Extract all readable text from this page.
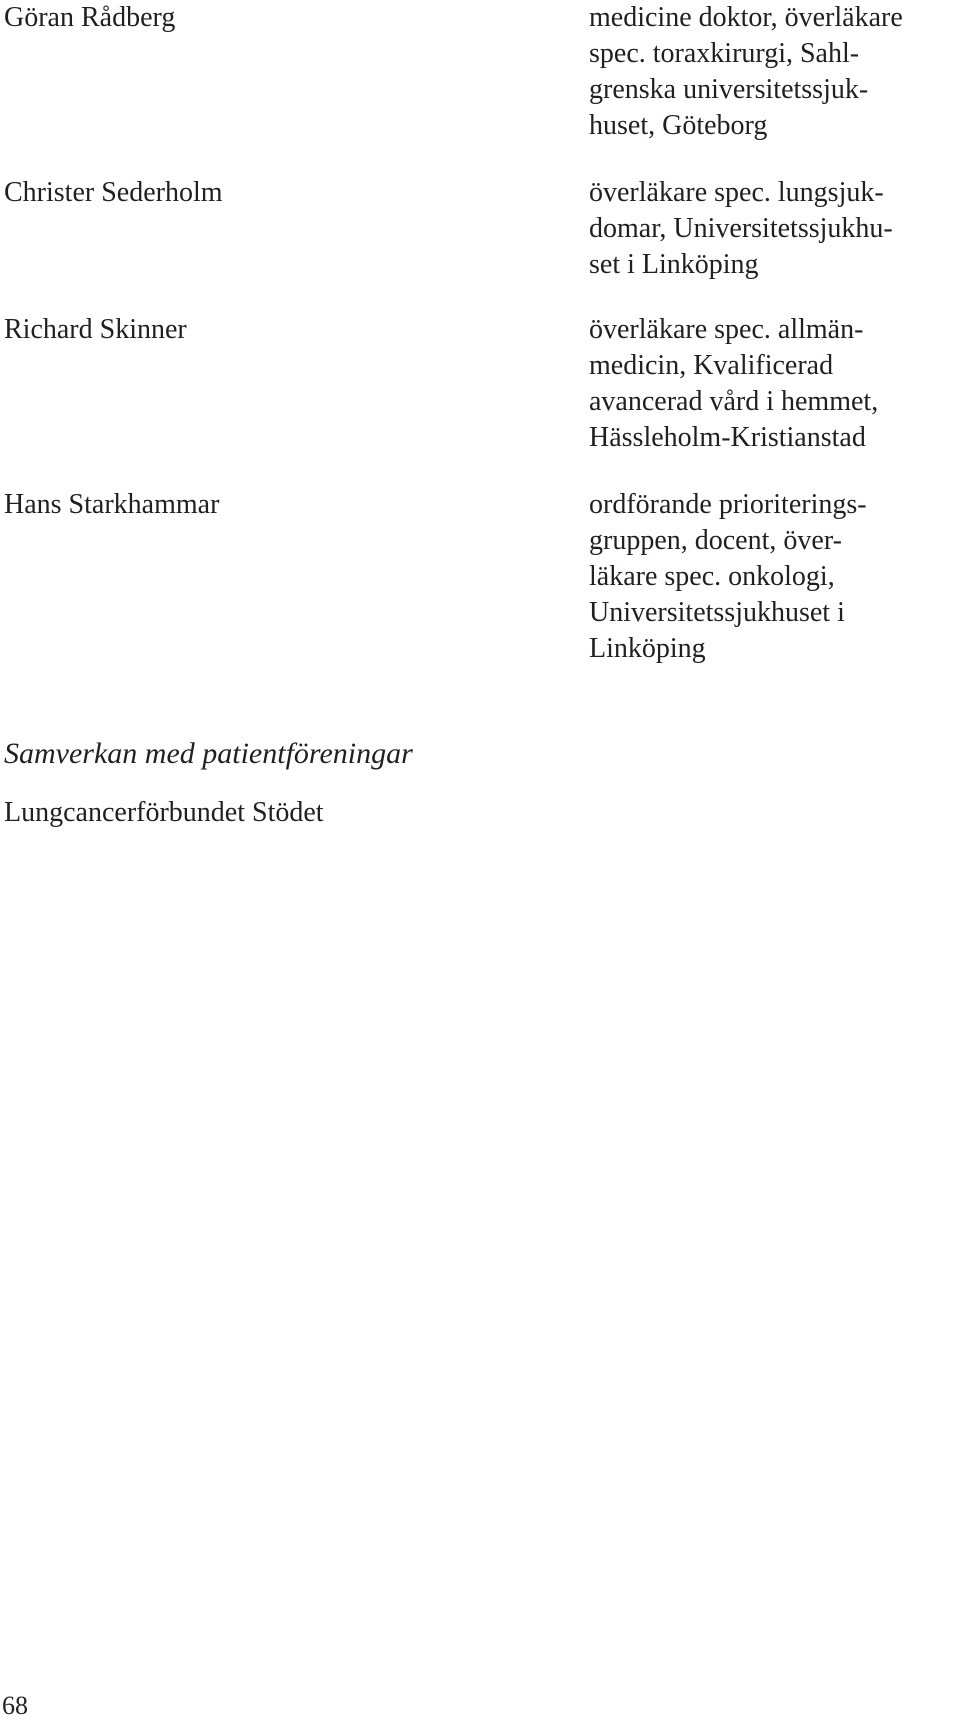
Göran Rådberg	medicine doktor, överläkare
spec. toraxkirurgi, Sahl-
grenska universitetssjuk-
huset, Göteborg
Christer Sederholm	överläkare spec. lungsjuk-
domar, Universitetssjukhu-
set i Linköping
Richard Skinner	överläkare spec. allmän-
medicin, Kvalificerad
avancerad vård i hemmet,
Hässleholm-Kristianstad
Hans Starkhammar	ordförande prioriterings-
gruppen, docent, över-
läkare spec. onkologi,
Universitetssjukhuset i
Linköping
Samverkan med patientföreningar
Lungcancerförbundet Stödet
68
